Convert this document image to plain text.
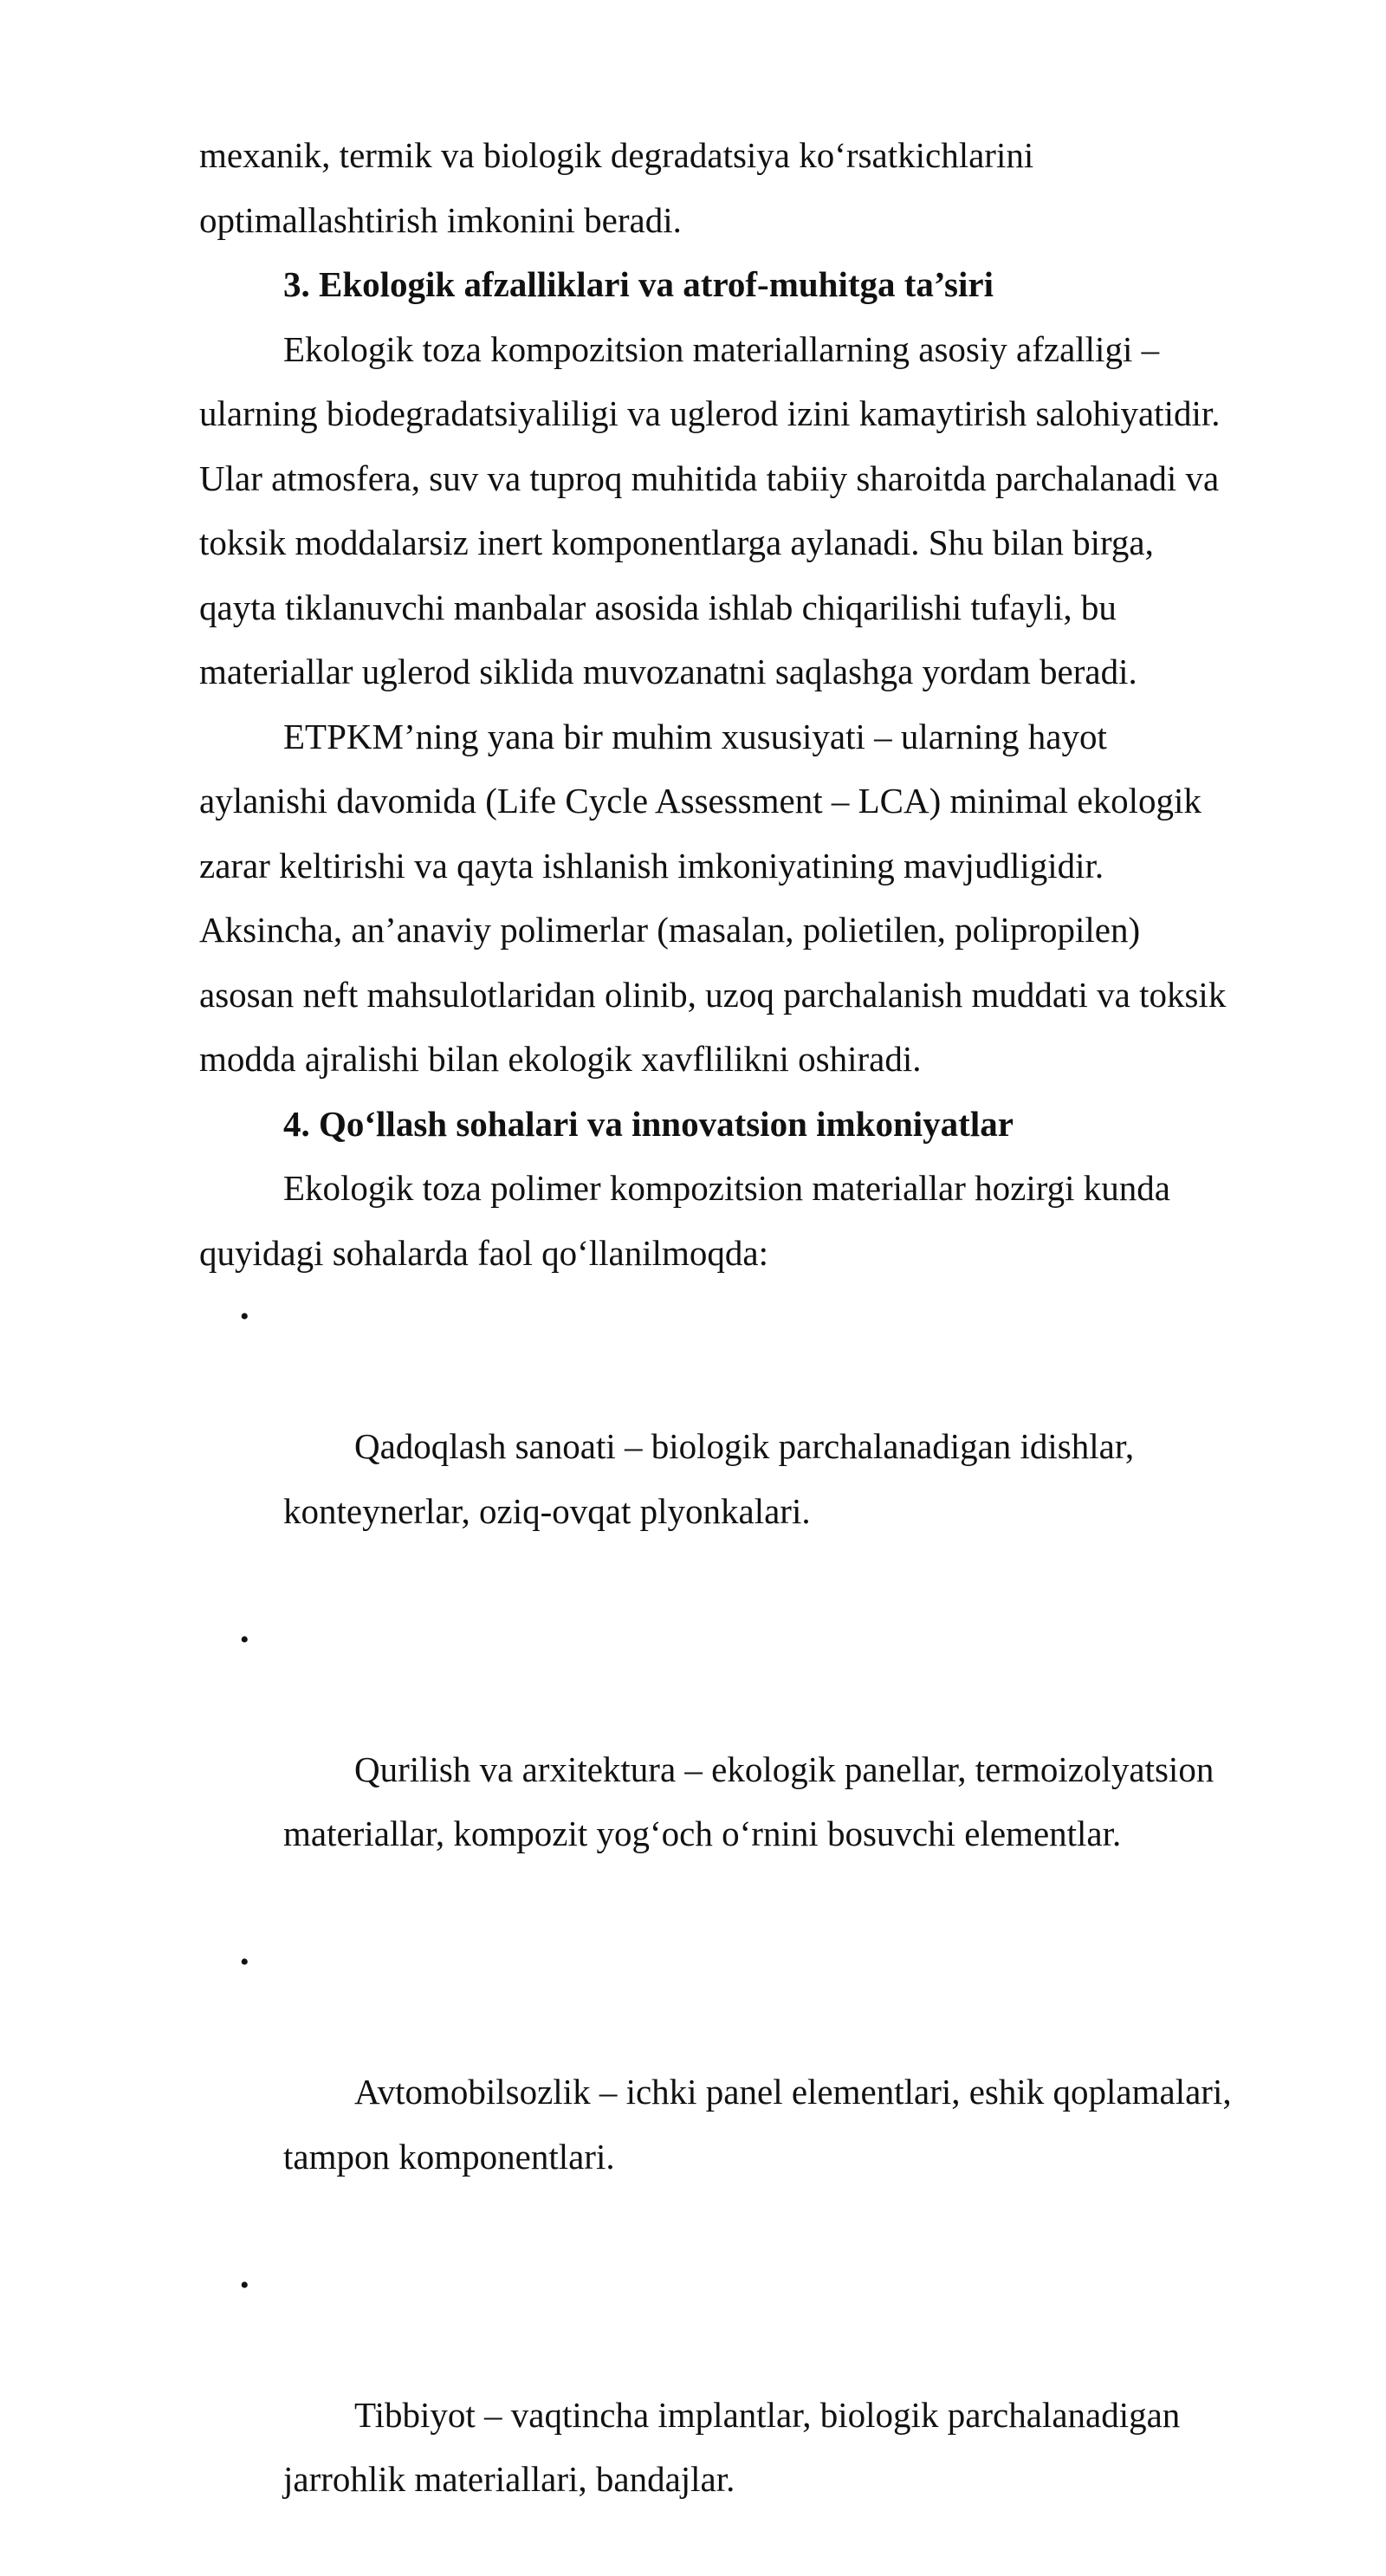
mexanik, termik va biologik degradatsiya ko‘rsatkichlarini
optimallashtirish imkonini beradi.

3. Ekologik afzalliklari va atrof-muhitga ta’siri

Ekologik toza kompozitsion materiallarning asosiy afzalligi –
ularning biodegradatsiyaliligi va uglerod izini kamaytirish salohiyatidir.
Ular atmosfera, suv va tuproq muhitida tabiiy sharoitda parchalanadi va
toksik moddalarsiz inert komponentlarga aylanadi. Shu bilan birga,
qayta tiklanuvchi manbalar asosida ishlab chiqarilishi tufayli, bu
materiallar uglerod siklida muvozanatni saqlashga yordam beradi.

ETPKM’ning yana bir muhim xususiyati – ularning hayot
aylanishi davomida (Life Cycle Assessment – LCA) minimal ekologik
zarar keltirishi va qayta ishlanish imkoniyatining mavjudligidir.
Aksincha, an’anaviy polimerlar (masalan, polietilen, polipropilen)
asosan neft mahsulotlaridan olinib, uzoq parchalanish muddati va toksik
modda ajralishi bilan ekologik xavflilikni oshiradi.

4. Qo‘llash sohalari va innovatsion imkoniyatlar

Ekologik toza polimer kompozitsion materiallar hozirgi kunda
quyidagi sohalarda faol qo‘llanilmoqda:

•

Qadoqlash sanoati – biologik parchalanadigan idishlar,
konteynerlar, oziq-ovqat plyonkalari.

•

Qurilish va arxitektura – ekologik panellar, termoizolyatsion
materiallar, kompozit yog‘och o‘rnini bosuvchi elementlar.

•

Avtomobilsozlik – ichki panel elementlari, eshik qoplamalari,
tampon komponentlari.

•

Tibbiyot – vaqtincha implantlar, biologik parchalanadigan
jarrohlik materiallari, bandajlar.
